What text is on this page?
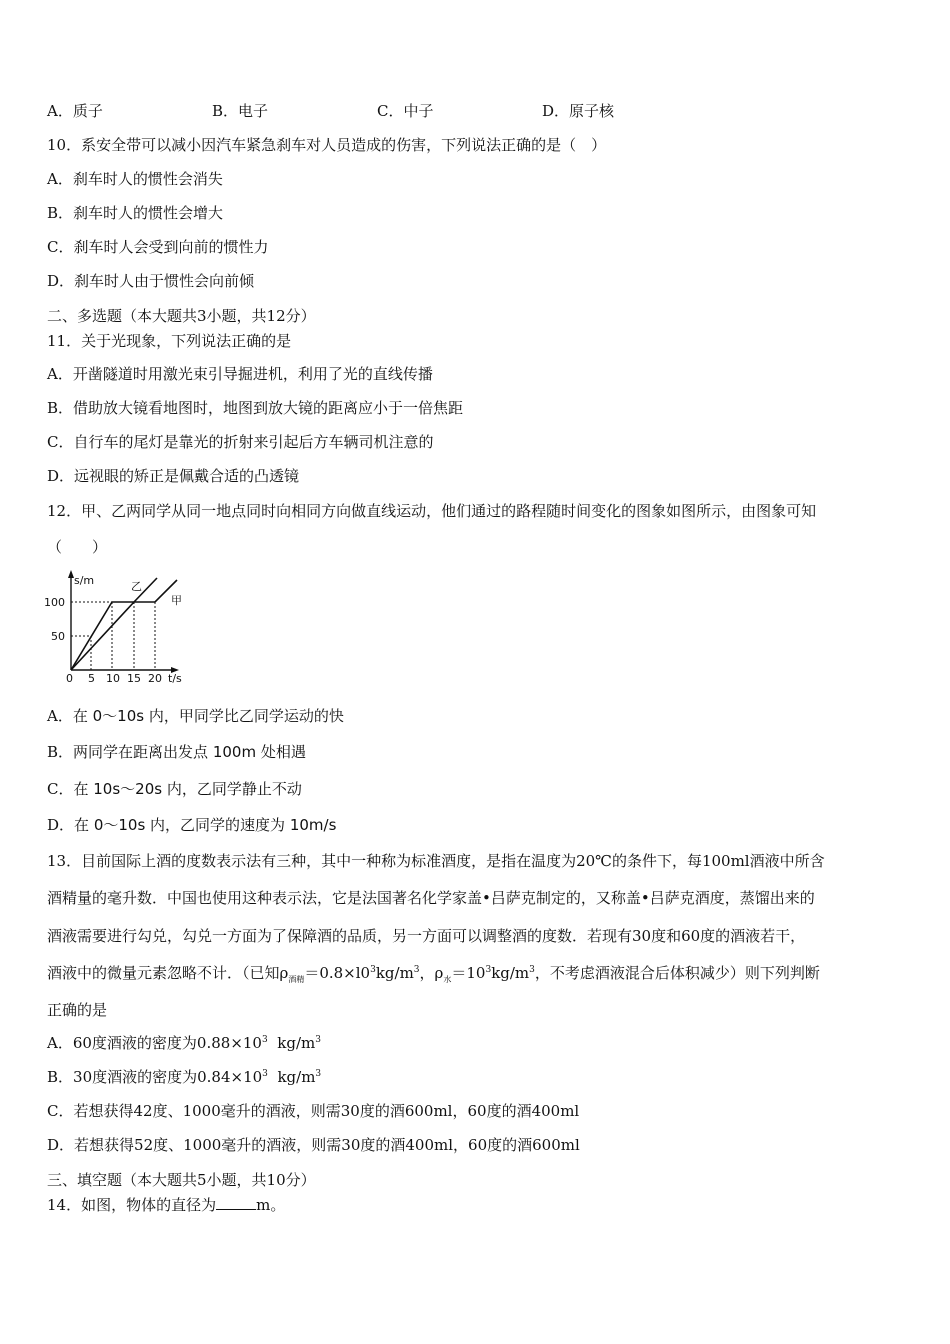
A．质子	B．电子	C．中子	D．原子核
10．系安全带可以减小因汽车紧急刹车对人员造成的伤害，下列说法正确的是（　）
A．刹车时人的惯性会消失
B．刹车时人的惯性会增大
C．刹车时人会受到向前的惯性力
D．刹车时人由于惯性会向前倾
二、多选题（本大题共3小题，共12分）
11．关于光现象，下列说法正确的是
A．开凿隧道时用激光束引导掘进机，利用了光的直线传播
B．借助放大镜看地图时，地图到放大镜的距离应小于一倍焦距
C．自行车的尾灯是靠光的折射来引起后方车辆司机注意的
D．远视眼的矫正是佩戴合适的凸透镜
12．甲、乙两同学从同一地点同时向相同方向做直线运动，他们通过的路程随时间变化的图象如图所示，由图象可知
（　　）
s/m
100
50
0 5 10 15 20 t/s
乙
甲
A．在 0～10s 内，甲同学比乙同学运动的快
B．两同学在距离出发点 100m 处相遇
C．在 10s～20s 内，乙同学静止不动
D．在 0～10s 内，乙同学的速度为 10m/s
13．目前国际上酒的度数表示法有三种，其中一种称为标准酒度，是指在温度为20℃的条件下，每100ml酒液中所含
酒精量的毫升数．中国也使用这种表示法，它是法国著名化学家盖•吕萨克制定的，又称盖•吕萨克酒度，蒸馏出来的
酒液需要进行勾兑，勾兑一方面为了保障酒的品质，另一方面可以调整酒的度数．若现有30度和60度的酒液若干，
酒液中的微量元素忽略不计．（已知$\rho_{酒精}=0.8\times l0^3kg/m^3$，$\rho_水=10^3kg/m^3$，不考虑酒液混合后体积减少）则下列判断
正确的是
A．60度酒液的密度为$0.88\times 10^3$  $kg/m^3$
B．30度酒液的密度为$0.84\times 10^3$  $kg/m^3$
C．若想获得42度、1000毫升的酒液，则需30度的酒600ml，60度的酒400ml
D．若想获得52度、1000毫升的酒液，则需30度的酒400ml，60度的酒600ml
三、填空题（本大题共5小题，共10分）
14．如图，物体的直径为	m。
